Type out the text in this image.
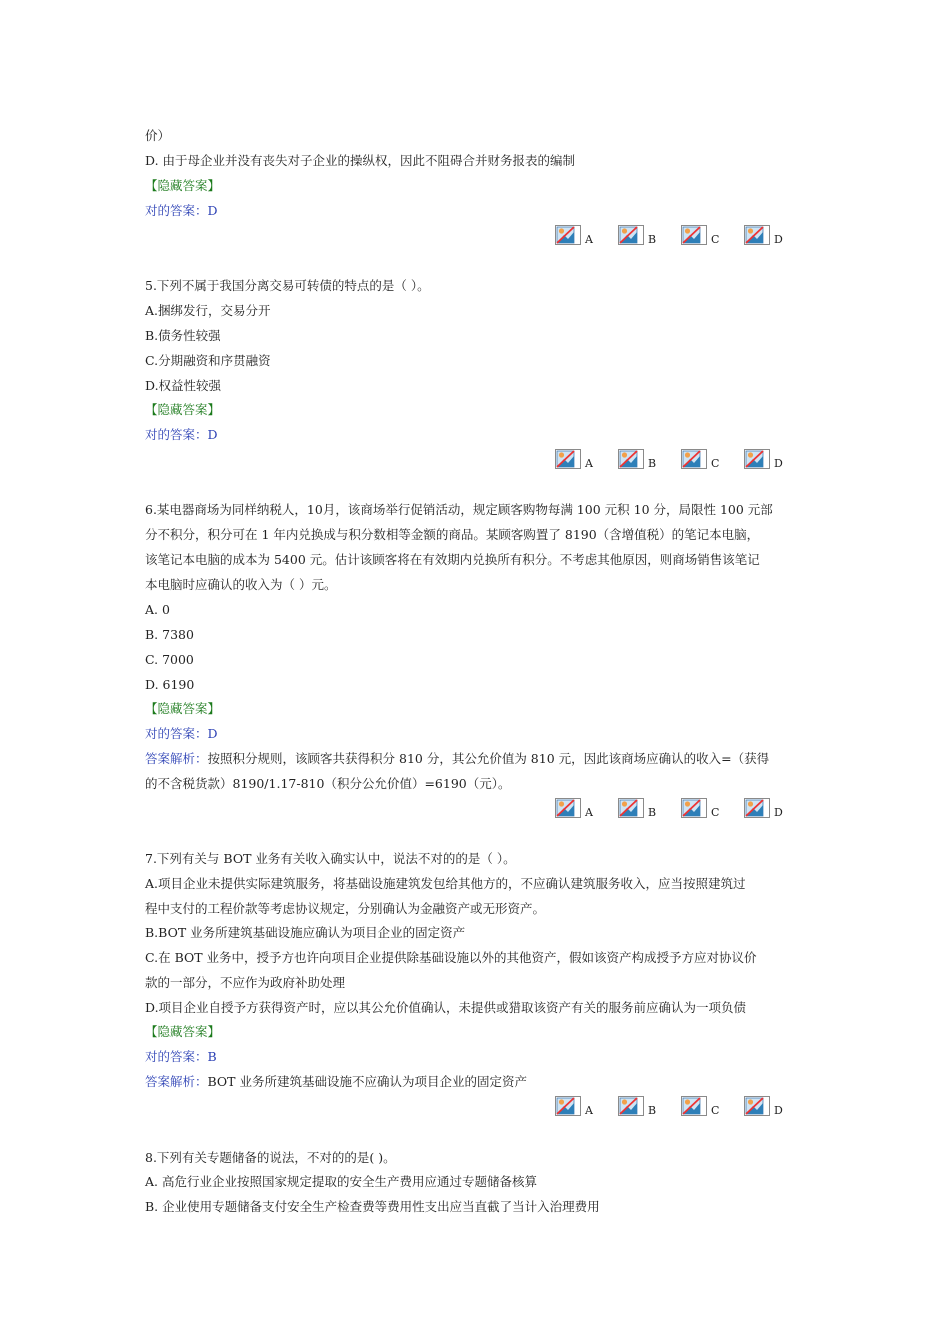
价）
D. 由于母企业并没有丧失对子企业的操纵权，因此不阻碍合并财务报表的编制
【隐藏答案】
对的答案：D
A	B	C	D
5.下列不属于我国分离交易可转债的特点的是（ ）。
A.捆绑发行，交易分开
B.债务性较强
C.分期融资和序贯融资
D.权益性较强
【隐藏答案】
对的答案：D
A	B	C	D
6.某电器商场为同样纳税人，10月，该商场举行促销活动，规定顾客购物每满 100 元积 10 分，局限性 100 元部
分不积分，积分可在 1 年内兑换成与积分数相等金额的商品。某顾客购置了 8190（含增值税）的笔记本电脑，
该笔记本电脑的成本为 5400 元。估计该顾客将在有效期内兑换所有积分。不考虑其他原因，则商场销售该笔记
本电脑时应确认的收入为（ ）元。
A. 0
B. 7380
C. 7000
D. 6190
【隐藏答案】
对的答案：D
答案解析：按照积分规则，该顾客共获得积分 810 分，其公允价值为 810 元，因此该商场应确认的收入=（获得
的不含税货款）8190/1.17-810（积分公允价值）=6190（元）。
A	B	C	D
7.下列有关与 BOT 业务有关收入确实认中，说法不对的的是（ ）。
A.项目企业未提供实际建筑服务，将基础设施建筑发包给其他方的，不应确认建筑服务收入，应当按照建筑过
程中支付的工程价款等考虑协议规定，分别确认为金融资产或无形资产。
B.BOT 业务所建筑基础设施应确认为项目企业的固定资产
C.在 BOT 业务中，授予方也许向项目企业提供除基础设施以外的其他资产，假如该资产构成授予方应对协议价
款的一部分，不应作为政府补助处理
D.项目企业自授予方获得资产时，应以其公允价值确认，未提供或猎取该资产有关的服务前应确认为一项负债
【隐藏答案】
对的答案：B
答案解析：BOT 业务所建筑基础设施不应确认为项目企业的固定资产
A	B	C	D
8.下列有关专题储备的说法，不对的的是( )。
A. 高危行业企业按照国家规定提取的安全生产费用应通过专题储备核算
B. 企业使用专题储备支付安全生产检查费等费用性支出应当直截了当计入治理费用
